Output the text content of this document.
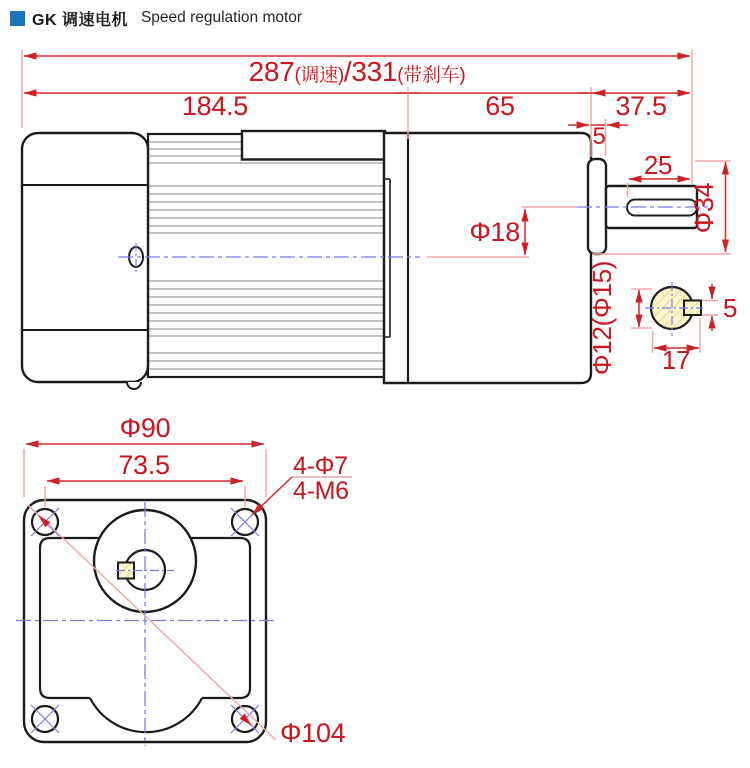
GK 调速电机 Speed regulation motor
287(调速)/331(带刹车)
184.5	65	37.5
5
25
Φ34
Φ18
Φ12(Φ15) 17
5
Φ90
73.5	4-Φ7
4-M6
Φ104
